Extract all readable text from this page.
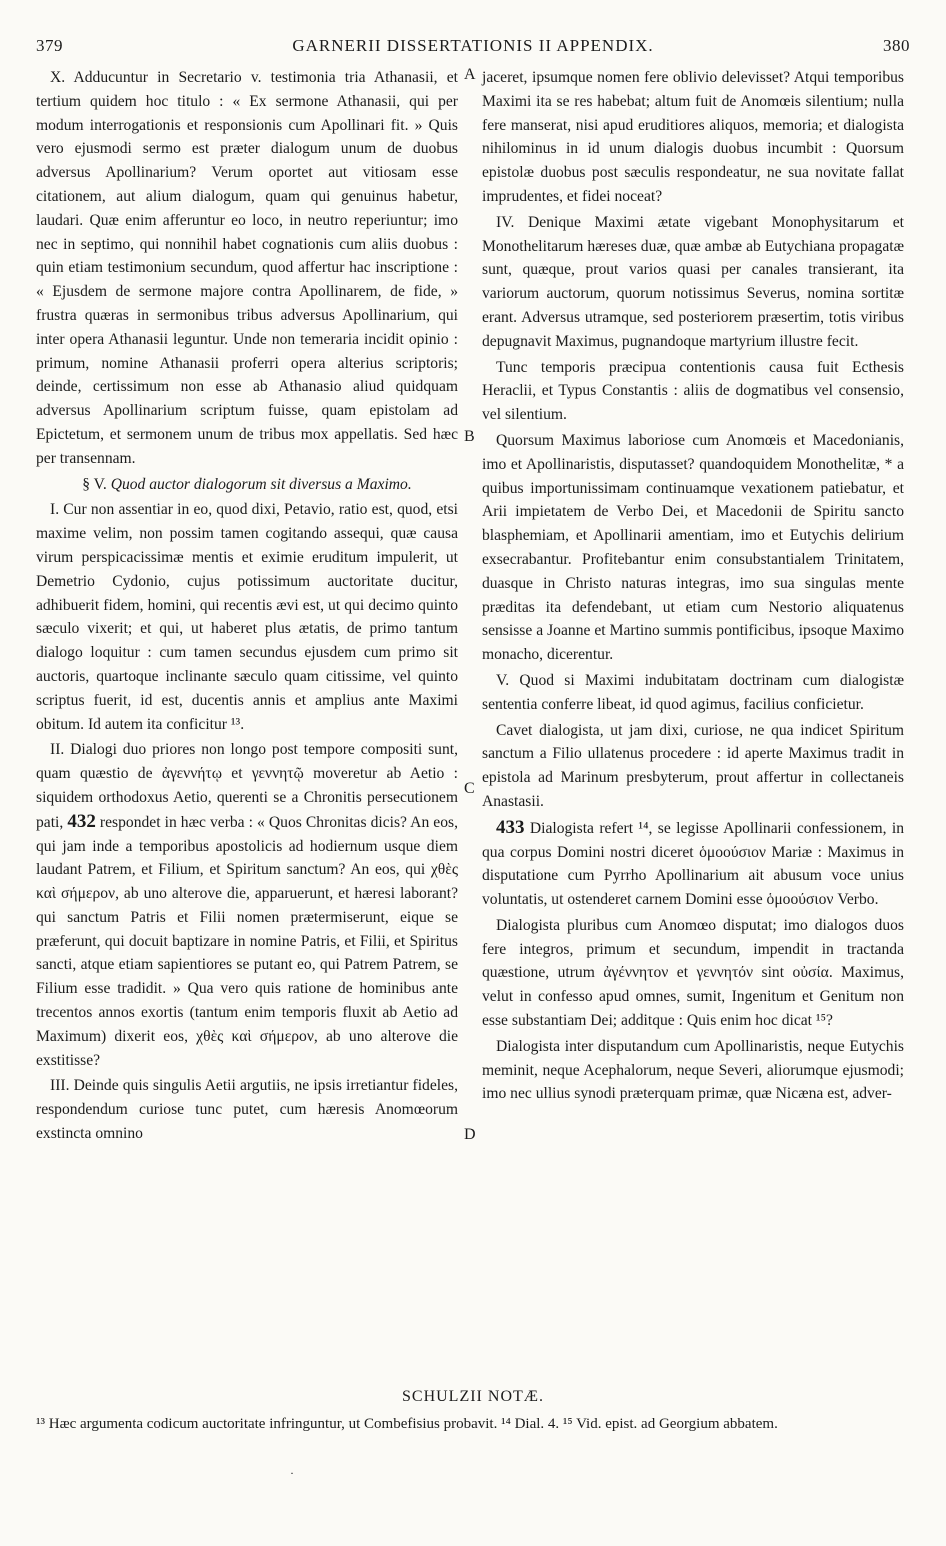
379	GARNERII DISSERTATIONIS II APPENDIX.	380
A
B
C
D

X. Adducuntur in Secretario v. testimonia tria Athanasii, et tertium quidem hoc titulo : « Ex sermone Athanasii, qui per modum interrogationis et responsionis cum Apollinari fit. » Quis vero ejusmodi sermo est præter dialogum unum de duobus adversus Apollinarium? Verum oportet aut vitiosam esse citationem, aut alium dialogum, quam qui genuinus habetur, laudari. Quæ enim afferuntur eo loco, in neutro reperiuntur; imo nec in septimo, qui nonnihil habet cognationis cum aliis duobus : quin etiam testimonium secundum, quod affertur hac inscriptione : « Ejusdem de sermone majore contra Apollinarem, de fide, » frustra quæras in sermonibus tribus adversus Apollinarium, qui inter opera Athanasii leguntur. Unde non temeraria incidit opinio : primum, nomine Athanasii proferri opera alterius scriptoris; deinde, certissimum non esse ab Athanasio aliud quidquam adversus Apollinarium scriptum fuisse, quam epistolam ad Epictetum, et sermonem unum de tribus mox appellatis. Sed hæc per transennam.

§ V. Quod auctor dialogorum sit diversus a Maximo.

I. Cur non assentiar in eo, quod dixi, Petavio, ratio est, quod, etsi maxime velim, non possim tamen cogitando assequi, quæ causa virum perspicacissimæ mentis et eximie eruditum impulerit, ut Demetrio Cydonio, cujus potissimum auctoritate ducitur, adhibuerit fidem, homini, qui recentis ævi est, ut qui decimo quinto sæculo vixerit; et qui, ut haberet plus ætatis, de primo tantum dialogo loquitur : cum tamen secundus ejusdem cum primo sit auctoris, quartoque inclinante sæculo quam citissime, vel quinto scriptus fuerit, id est, ducentis annis et amplius ante Maximi obitum. Id autem ita conficitur ¹³.

II. Dialogi duo priores non longo post tempore compositi sunt, quam quæstio de ἀγεννήτῳ et γεννητῷ moveretur ab Aetio : siquidem orthodoxus Aetio, querenti se a Chronitis persecutionem pati, 432 respondet in hæc verba : « Quos Chronitas dicis? An eos, qui jam inde a temporibus apostolicis ad hodiernum usque diem laudant Patrem, et Filium, et Spiritum sanctum? An eos, qui χθὲς καὶ σήμερον, ab uno alterove die, apparuerunt, et hæresi laborant? qui sanctum Patris et Filii nomen prætermiserunt, eique se præferunt, qui docuit baptizare in nomine Patris, et Filii, et Spiritus sancti, atque etiam sapientiores se putant eo, qui Patrem Patrem, se Filium esse tradidit. » Qua vero quis ratione de hominibus ante trecentos annos exortis (tantum enim temporis fluxit ab Aetio ad Maximum) dixerit eos, χθὲς καὶ σήμερον, ab uno alterove die exstitisse?

III. Deinde quis singulis Aetii argutiis, ne ipsis irretiantur fideles, respondendum curiose tunc putet, cum hæresis Anomœorum exstincta omnino

jaceret, ipsumque nomen fere oblivio delevisset? Atqui temporibus Maximi ita se res habebat; altum fuit de Anomœis silentium; nulla fere manserat, nisi apud eruditiores aliquos, memoria; et dialogista nihilominus in id unum dialogis duobus incumbit : Quorsum epistolæ duobus post sæculis respondeatur, ne sua novitate fallat imprudentes, et fidei noceat?

IV. Denique Maximi ætate vigebant Monophysitarum et Monothelitarum hæreses duæ, quæ ambæ ab Eutychiana propagatæ sunt, quæque, prout varios quasi per canales transierant, ita variorum auctorum, quorum notissimus Severus, nomina sortitæ erant. Adversus utramque, sed posteriorem præsertim, totis viribus depugnavit Maximus, pugnandoque martyrium illustre fecit.

Tunc temporis præcipua contentionis causa fuit Ecthesis Heraclii, et Typus Constantis : aliis de dogmatibus vel consensio, vel silentium.

Quorsum Maximus laboriose cum Anomœis et Macedonianis, imo et Apollinaristis, disputasset? quandoquidem Monothelitæ, * a quibus importunissimam continuamque vexationem patiebatur, et Arii impietatem de Verbo Dei, et Macedonii de Spiritu sancto blasphemiam, et Apollinarii amentiam, imo et Eutychis delirium exsecrabantur. Profitebantur enim consubstantialem Trinitatem, duasque in Christo naturas integras, imo sua singulas mente præditas ita defendebant, ut etiam cum Nestorio aliquatenus sensisse a Joanne et Martino summis pontificibus, ipsoque Maximo monacho, dicerentur.

V. Quod si Maximi indubitatam doctrinam cum dialogistæ sententia conferre libeat, id quod agimus, facilius conficietur.

Cavet dialogista, ut jam dixi, curiose, ne qua indicet Spiritum sanctum a Filio ullatenus procedere : id aperte Maximus tradit in epistola ad Marinum presbyterum, prout affertur in collectaneis Anastasii.

433 Dialogista refert ¹⁴, se legisse Apollinarii confessionem, in qua corpus Domini nostri diceret ὁμοούσιον Mariæ : Maximus in disputatione cum Pyrrho Apollinarium ait abusum voce unius voluntatis, ut ostenderet carnem Domini esse ὁμοούσιον Verbo.

Dialogista pluribus cum Anomœo disputat; imo dialogos duos fere integros, primum et secundum, impendit in tractanda quæstione, utrum ἀγέννητον et γεννητόν sint οὐσία. Maximus, velut in confesso apud omnes, sumit, Ingenitum et Genitum non esse substantiam Dei; additque : Quis enim hoc dicat ¹⁵?

Dialogista inter disputandum cum Apollinaristis, neque Eutychis meminit, neque Acephalorum, neque Severi, aliorumque ejusmodi; imo nec ullius synodi præterquam primæ, quæ Nicæna est, adver-

SCHULZII NOTÆ.
¹³ Hæc argumenta codicum auctoritate infringuntur, ut Combefisius probavit. ¹⁴ Dial. 4. ¹⁵ Vid. epist. ad Georgium abbatem.
·
